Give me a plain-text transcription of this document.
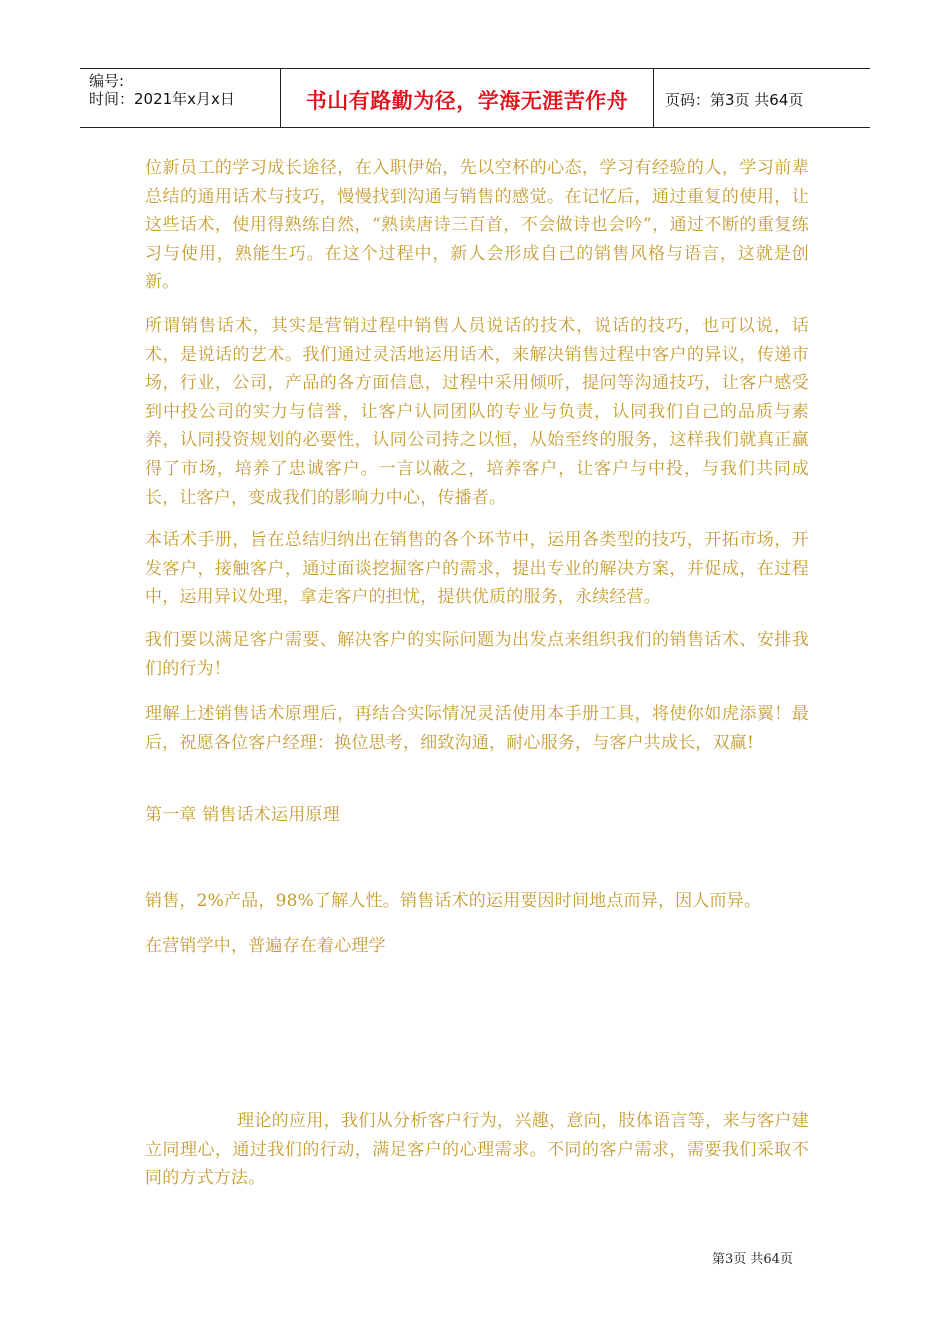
编号:
时间：2021年x月x日	书山有路勤为径，学海无涯苦作舟	页码：第3页 共64页

位新员工的学习成长途径，在入职伊始，先以空杯的心态，学习有经验的人，学习前辈总结的通用话术与技巧，慢慢找到沟通与销售的感觉。在记忆后，通过重复的使用，让这些话术，使用得熟练自然，“熟读唐诗三百首，不会做诗也会吟”，通过不断的重复练习与使用，熟能生巧。在这个过程中，新人会形成自己的销售风格与语言，这就是创新。

所谓销售话术，其实是营销过程中销售人员说话的技术，说话的技巧，也可以说，话术，是说话的艺术。我们通过灵活地运用话术，来解决销售过程中客户的异议，传递市场，行业，公司，产品的各方面信息，过程中采用倾听，提问等沟通技巧，让客户感受到中投公司的实力与信誉，让客户认同团队的专业与负责，认同我们自己的品质与素养，认同投资规划的必要性，认同公司持之以恒，从始至终的服务，这样我们就真正赢得了市场，培养了忠诚客户。一言以蔽之，培养客户，让客户与中投，与我们共同成长，让客户，变成我们的影响力中心，传播者。

本话术手册，旨在总结归纳出在销售的各个环节中，运用各类型的技巧，开拓市场，开发客户，接触客户，通过面谈挖掘客户的需求，提出专业的解决方案，并促成，在过程中，运用异议处理，拿走客户的担忧，提供优质的服务，永续经营。

我们要以满足客户需要、解决客户的实际问题为出发点来组织我们的销售话术、安排我们的行为！

理解上述销售话术原理后，再结合实际情况灵活使用本手册工具，将使你如虎添翼！最后，祝愿各位客户经理：换位思考，细致沟通，耐心服务，与客户共成长，双赢!

第一章 销售话术运用原理

销售，2%产品，98%了解人性。销售话术的运用要因时间地点而异，因人而异。

在营销学中，普遍存在着心理学

理论的应用，我们从分析客户行为，兴趣，意向，肢体语言等，来与客户建立同理心，通过我们的行动，满足客户的心理需求。不同的客户需求，需要我们采取不同的方式方法。

第3页 共64页
